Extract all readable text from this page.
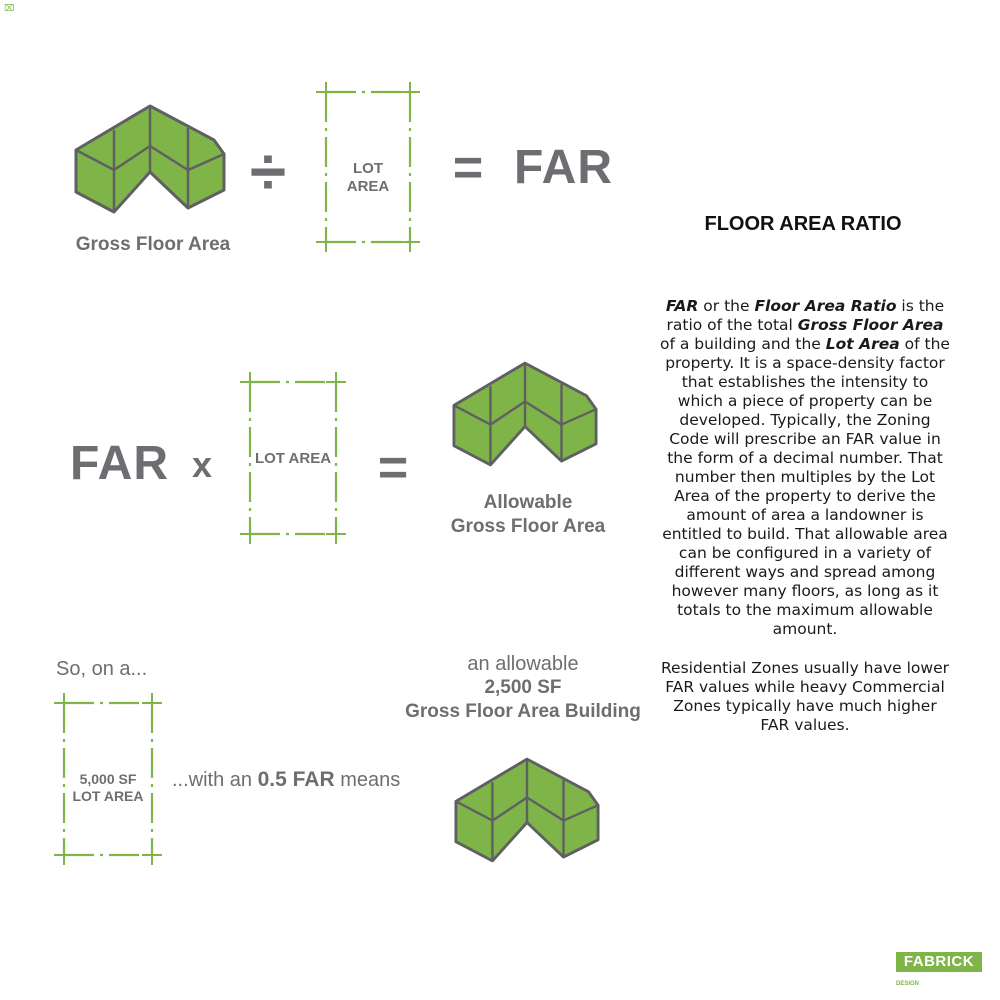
⌧
Gross Floor Area
÷	LOT AREA	= FAR
FLOOR AREA RATIO
FAR or the Floor Area Ratio is the ratio of the total Gross Floor Area of a building and the Lot Area of the property. It is a space-density factor that establishes the intensity to which a piece of property can be developed. Typically, the Zoning Code will prescribe an FAR value in the form of a decimal number. That number then multiples by the Lot Area of the property to derive the amount of area a landowner is entitled to build. That allowable area can be configured in a variety of different ways and spread among however many floors, as long as it totals to the maximum allowable amount.
Residential Zones usually have lower FAR values while heavy Commercial Zones typically have much higher FAR values.
FAR x	LOT AREA =
Allowable
Gross Floor Area
So, on a...
5,000 SF
LOT AREA
...with an 0.5 FAR means
an allowable
2,500 SF
Gross Floor Area Building
FABRICK
DESIGN
